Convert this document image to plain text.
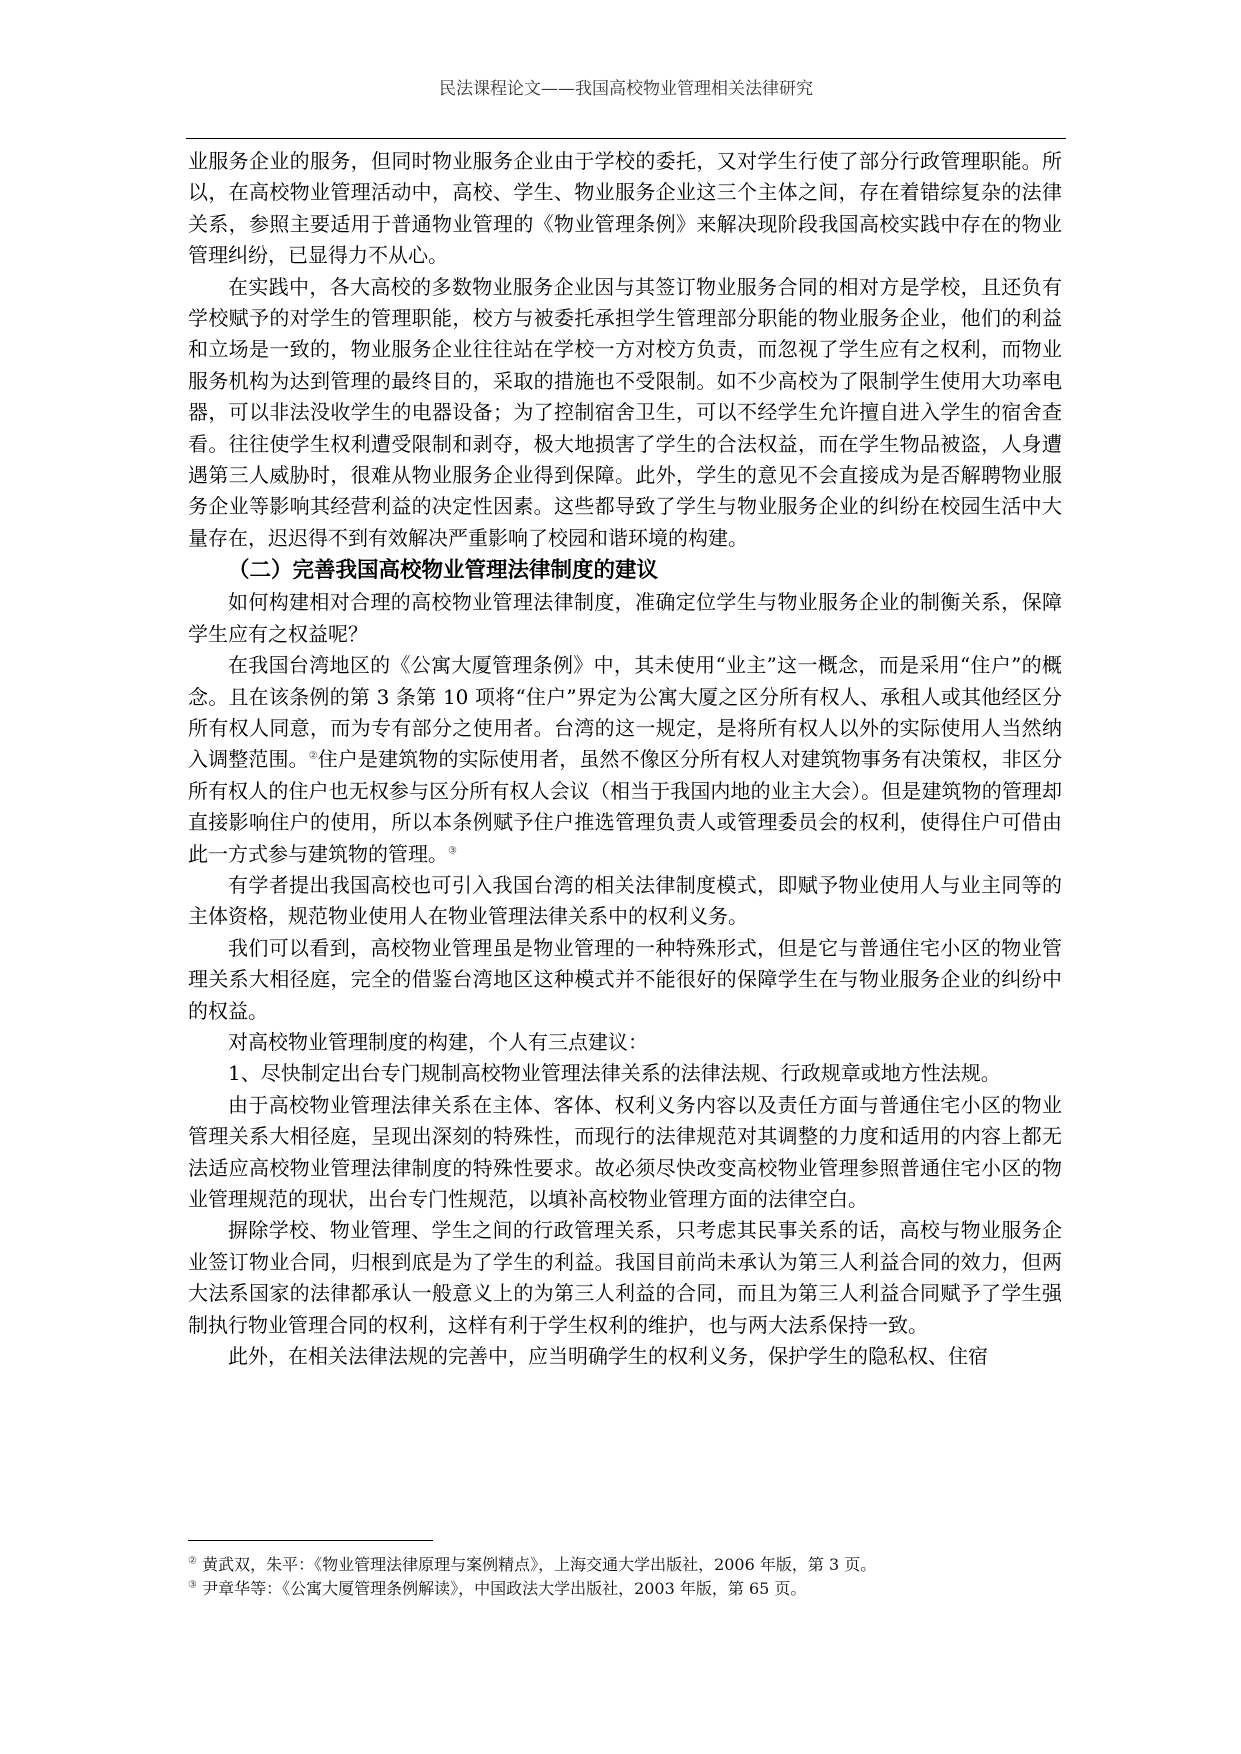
民法课程论文——我国高校物业管理相关法律研究

业服务企业的服务，但同时物业服务企业由于学校的委托，又对学生行使了部分行政管理职能。所以，在高校物业管理活动中，高校、学生、物业服务企业这三个主体之间，存在着错综复杂的法律关系，参照主要适用于普通物业管理的《物业管理条例》来解决现阶段我国高校实践中存在的物业管理纠纷，已显得力不从心。

在实践中，各大高校的多数物业服务企业因与其签订物业服务合同的相对方是学校，且还负有学校赋予的对学生的管理职能，校方与被委托承担学生管理部分职能的物业服务企业，他们的利益和立场是一致的，物业服务企业往往站在学校一方对校方负责，而忽视了学生应有之权利，而物业服务机构为达到管理的最终目的，采取的措施也不受限制。如不少高校为了限制学生使用大功率电器，可以非法没收学生的电器设备；为了控制宿舍卫生，可以不经学生允许擅自进入学生的宿舍查看。往往使学生权利遭受限制和剥夺，极大地损害了学生的合法权益，而在学生物品被盗，人身遭遇第三人威胁时，很难从物业服务企业得到保障。此外，学生的意见不会直接成为是否解聘物业服务企业等影响其经营利益的决定性因素。这些都导致了学生与物业服务企业的纠纷在校园生活中大量存在，迟迟得不到有效解决严重影响了校园和谐环境的构建。

（二）完善我国高校物业管理法律制度的建议

如何构建相对合理的高校物业管理法律制度，准确定位学生与物业服务企业的制衡关系，保障学生应有之权益呢？

在我国台湾地区的《公寓大厦管理条例》中，其未使用“业主”这一概念，而是采用“住户”的概念。且在该条例的第 3 条第 10 项将“住户”界定为公寓大厦之区分所有权人、承租人或其他经区分所有权人同意，而为专有部分之使用者。台湾的这一规定，是将所有权人以外的实际使用人当然纳入调整范围。②住户是建筑物的实际使用者，虽然不像区分所有权人对建筑物事务有决策权，非区分所有权人的住户也无权参与区分所有权人会议（相当于我国内地的业主大会）。但是建筑物的管理却直接影响住户的使用，所以本条例赋予住户推选管理负责人或管理委员会的权利，使得住户可借由此一方式参与建筑物的管理。③

有学者提出我国高校也可引入我国台湾的相关法律制度模式，即赋予物业使用人与业主同等的主体资格，规范物业使用人在物业管理法律关系中的权利义务。

我们可以看到，高校物业管理虽是物业管理的一种特殊形式，但是它与普通住宅小区的物业管理关系大相径庭，完全的借鉴台湾地区这种模式并不能很好的保障学生在与物业服务企业的纠纷中的权益。

对高校物业管理制度的构建，个人有三点建议：

1、尽快制定出台专门规制高校物业管理法律关系的法律法规、行政规章或地方性法规。

由于高校物业管理法律关系在主体、客体、权利义务内容以及责任方面与普通住宅小区的物业管理关系大相径庭，呈现出深刻的特殊性，而现行的法律规范对其调整的力度和适用的内容上都无法适应高校物业管理法律制度的特殊性要求。故必须尽快改变高校物业管理参照普通住宅小区的物业管理规范的现状，出台专门性规范，以填补高校物业管理方面的法律空白。

摒除学校、物业管理、学生之间的行政管理关系，只考虑其民事关系的话，高校与物业服务企业签订物业合同，归根到底是为了学生的利益。我国目前尚未承认为第三人利益合同的效力，但两大法系国家的法律都承认一般意义上的为第三人利益的合同，而且为第三人利益合同赋予了学生强制执行物业管理合同的权利，这样有利于学生权利的维护，也与两大法系保持一致。

此外，在相关法律法规的完善中，应当明确学生的权利义务，保护学生的隐私权、住宿

② 黄武双，朱平：《物业管理法律原理与案例精点》，上海交通大学出版社，2006 年版，第 3 页。

③ 尹章华等：《公寓大厦管理条例解读》，中国政法大学出版社，2003 年版，第 65 页。
